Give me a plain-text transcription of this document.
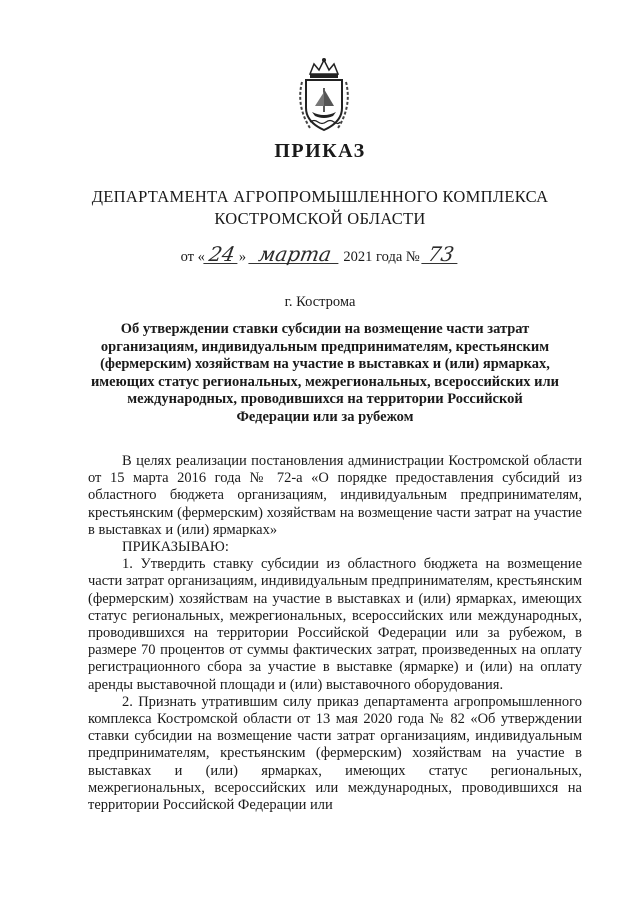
ПРИКАЗ
ДЕПАРТАМЕНТА АГРОПРОМЫШЛЕННОГО КОМПЛЕКСА
КОСТРОМСКОЙ ОБЛАСТИ
от « 24 » марта 2021 года № 73
г. Кострома
Об утверждении ставки субсидии на возмещение части затрат организациям, индивидуальным предпринимателям, крестьянским (фермерским) хозяйствам на участие в выставках и (или) ярмарках, имеющих статус региональных, межрегиональных, всероссийских или международных, проводившихся на территории Российской Федерации или за рубежом

В целях реализации постановления администрации Костромской области от 15 марта 2016 года № 72-а «О порядке предоставления субсидий из областного бюджета организациям, индивидуальным предпринимателям, крестьянским (фермерским) хозяйствам на возмещение части затрат на участие в выставках и (или) ярмарках»

ПРИКАЗЫВАЮ:

1. Утвердить ставку субсидии из областного бюджета на возмещение части затрат организациям, индивидуальным предпринимателям, крестьянским (фермерским) хозяйствам на участие в выставках и (или) ярмарках, имеющих статус региональных, межрегиональных, всероссийских или международных, проводившихся на территории Российской Федерации или за рубежом, в размере 70 процентов от суммы фактических затрат, произведенных на оплату регистрационного сбора за участие в выставке (ярмарке) и (или) на оплату аренды выставочной площади и (или) выставочного оборудования.

2. Признать утратившим силу приказ департамента агропромышленного комплекса Костромской области от 13 мая 2020 года № 82 «Об утверждении ставки субсидии на возмещение части затрат организациям, индивидуальным предпринимателям, крестьянским (фермерским) хозяйствам на участие в выставках и (или) ярмарках, имеющих статус региональных, межрегиональных, всероссийских или международных, проводившихся на территории Российской Федерации или
